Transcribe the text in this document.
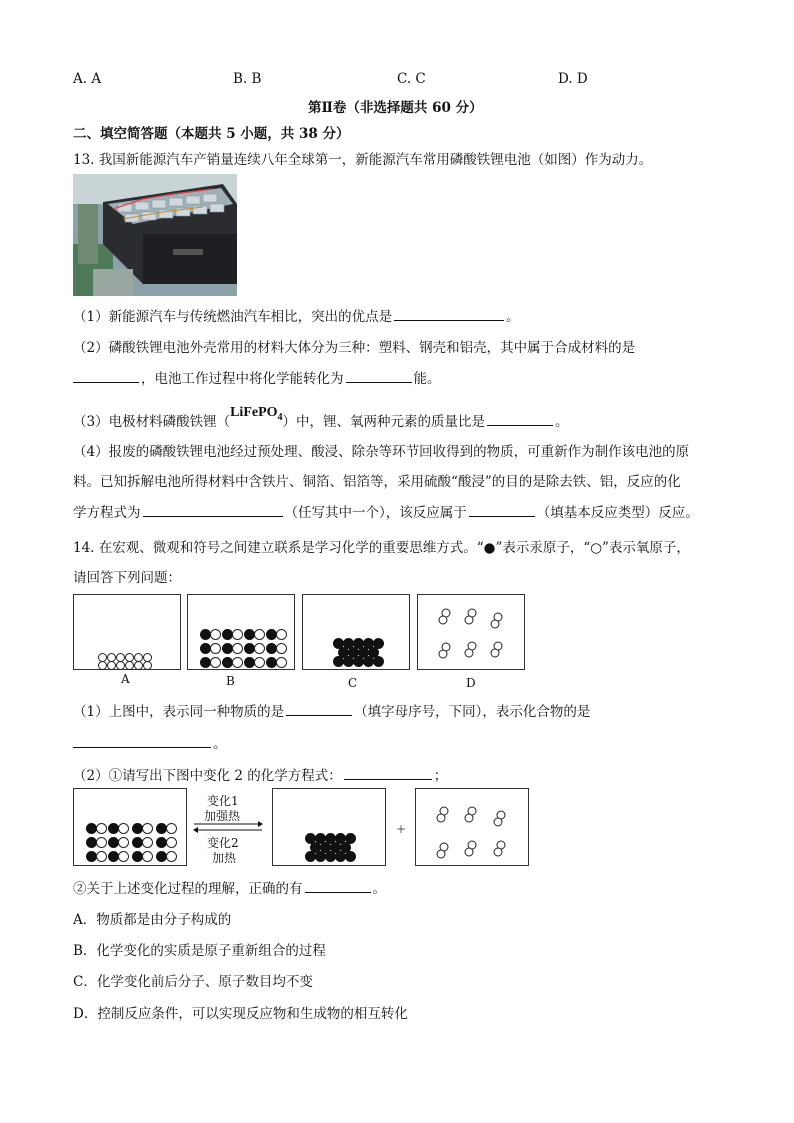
A. A	B. B	C. C	D. D
第Ⅱ卷（非选择题共 60 分）
二、填空简答题（本题共 5 小题，共 38 分）
13. 我国新能源汽车产销量连续八年全球第一，新能源汽车常用磷酸铁锂电池（如图）作为动力。
（1）新能源汽车与传统燃油汽车相比，突出的优点是	。
（2）磷酸铁锂电池外壳常用的材料大体分为三种：塑料、钢壳和铝壳，其中属于合成材料的是
，电池工作过程中将化学能转化为	能。
（3）电极材料磷酸铁锂（LiFePO$_4$）中，锂、氧两种元素的质量比是	。
（4）报废的磷酸铁锂电池经过预处理、酸浸、除杂等环节回收得到的物质，可重新作为制作该电池的原
料。已知拆解电池所得材料中含铁片、铜箔、铝箔等，采用硫酸“酸浸”的目的是除去铁、铝，反应的化
学方程式为	（任写其中一个），该反应属于	（填基本反应类型）反应。
14. 在宏观、微观和符号之间建立联系是学习化学的重要思维方式。“●”表示汞原子，“○”表示氧原子，
请回答下列问题：
A	B	C	D
（1）上图中，表示同一种物质的是	（填字母序号，下同），表示化合物的是
。
（2）①请写出下图中变化 2 的化学方程式：	；
变化1
加强热
变化2
加热
+
②关于上述变化过程的理解，正确的有	。
A．物质都是由分子构成的
B．化学变化的实质是原子重新组合的过程
C．化学变化前后分子、原子数目均不变
D．控制反应条件，可以实现反应物和生成物的相互转化
